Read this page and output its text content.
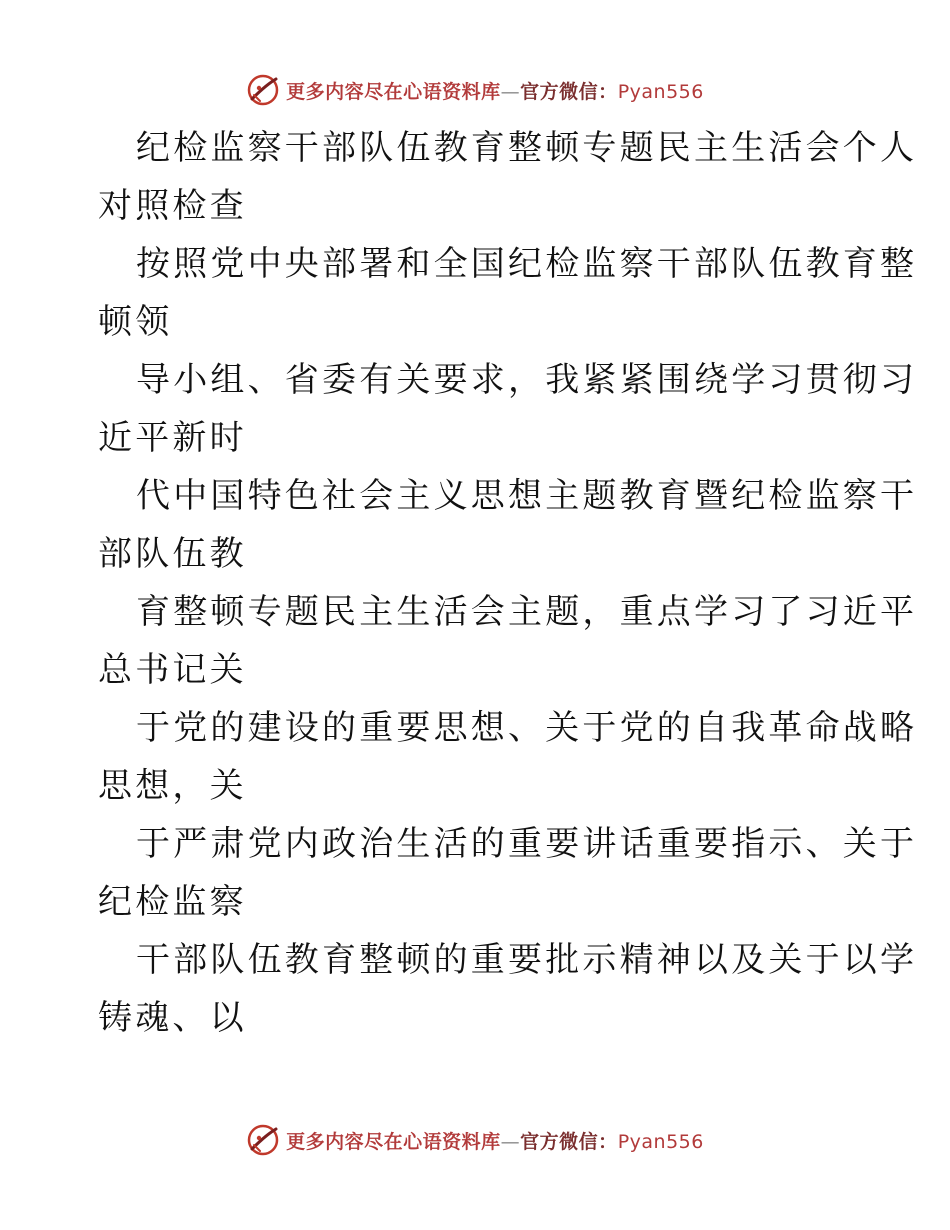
更多内容尽在心语资料库—官方微信：Pyan556
纪检监察干部队伍教育整顿专题民主生活会个人
对照检查
按照党中央部署和全国纪检监察干部队伍教育整
顿领
导小组、省委有关要求，我紧紧围绕学习贯彻习
近平新时
代中国特色社会主义思想主题教育暨纪检监察干
部队伍教
育整顿专题民主生活会主题，重点学习了习近平
总书记关
于党的建设的重要思想、关于党的自我革命战略
思想，关
于严肃党内政治生活的重要讲话重要指示、关于
纪检监察
干部队伍教育整顿的重要批示精神以及关于以学
铸魂、以
更多内容尽在心语资料库—官方微信：Pyan556
